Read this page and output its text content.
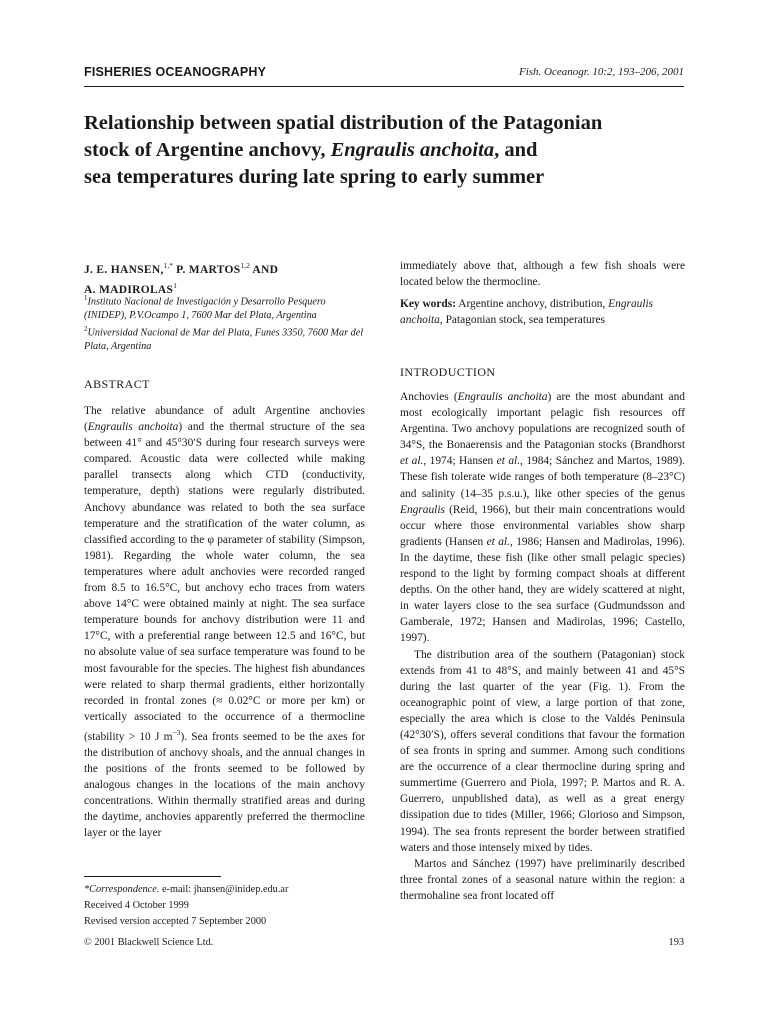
FISHERIES OCEANOGRAPHY	Fish. Oceanogr. 10:2, 193–206, 2001
Relationship between spatial distribution of the Patagonian
stock of Argentine anchovy, Engraulis anchoita, and
sea temperatures during late spring to early summer
J. E. HANSEN,$^{1,*}$ P. MARTOS$^{1,2}$ AND
A. MADIROLAS$^1$
$^1$Instituto Nacional de Investigación y Desarrollo Pesquero (INIDEP), P.V.Ocampo 1, 7600 Mar del Plata, Argentina
$^2$Universidad Nacional de Mar del Plata, Funes 3350, 7600 Mar del Plata, Argentina
ABSTRACT

The relative abundance of adult Argentine anchovies (Engraulis anchoita) and the thermal structure of the sea between 41° and 45°30′S during four research surveys were compared. Acoustic data were collected while making parallel transects along which CTD (conductivity, temperature, depth) stations were regularly distributed. Anchovy abundance was related to both the sea surface temperature and the stratification of the water column, as classified according to the φ parameter of stability (Simpson, 1981). Regarding the whole water column, the sea temperatures where adult anchovies were recorded ranged from 8.5 to 16.5°C, but anchovy echo traces from waters above 14°C were obtained mainly at night. The sea surface temperature bounds for anchovy distribution were 11 and 17°C, with a preferential range between 12.5 and 16°C, but no absolute value of sea surface temperature was found to be most favourable for the species. The highest fish abundances were related to sharp thermal gradients, either horizontally recorded in frontal zones (≈ 0.02°C or more per km) or vertically associated to the occurrence of a thermocline (stability > 10 J $m^{-3}$). Sea fronts seemed to be the axes for the distribution of anchovy shoals, and the annual changes in the positions of the fronts seemed to be followed by analogous changes in the locations of the main anchovy concentrations. Within thermally stratified areas and during the daytime, anchovies apparently preferred the thermocline layer or the layer

immediately above that, although a few fish shoals were located below the thermocline.
Key words: Argentine anchovy, distribution, Engraulis anchoita, Patagonian stock, sea temperatures
INTRODUCTION

Anchovies (Engraulis anchoita) are the most abundant and most ecologically important pelagic fish resources off Argentina. Two anchovy populations are recognized south of 34°S, the Bonaerensis and the Patagonian stocks (Brandhorst et al., 1974; Hansen et al., 1984; Sánchez and Martos, 1989). These fish tolerate wide ranges of both temperature (8–23°C) and salinity (14–35 p.s.u.), like other species of the genus Engraulis (Reid, 1966), but their main concentrations would occur where those environmental variables show sharp gradients (Hansen et al., 1986; Hansen and Madirolas, 1996). In the daytime, these fish (like other small pelagic species) respond to the light by forming compact shoals at different depths. On the other hand, they are widely scattered at night, in water layers close to the sea surface (Gudmundsson and Gamberale, 1972; Hansen and Madirolas, 1996; Castello, 1997).

The distribution area of the southern (Patagonian) stock extends from 41 to 48°S, and mainly between 41 and 45°S during the last quarter of the year (Fig. 1). From the oceanographic point of view, a large portion of that zone, especially the area which is close to the Valdés Peninsula (42°30′S), offers several conditions that favour the formation of sea fronts in spring and summer. Among such conditions are the occurrence of a clear thermocline during spring and summertime (Guerrero and Piola, 1997; P. Martos and R. A. Guerrero, unpublished data), as well as a great energy dissipation due to tides (Miller, 1966; Glorioso and Simpson, 1994). The sea fronts represent the border between stratified waters and those intensely mixed by tides.

Martos and Sánchez (1997) have preliminarily described three frontal zones of a seasonal nature within the region: a thermohaline sea front located off

*Correspondence. e-mail: jhansen@inidep.edu.ar
Received 4 October 1999
Revised version accepted 7 September 2000
© 2001 Blackwell Science Ltd.	193
